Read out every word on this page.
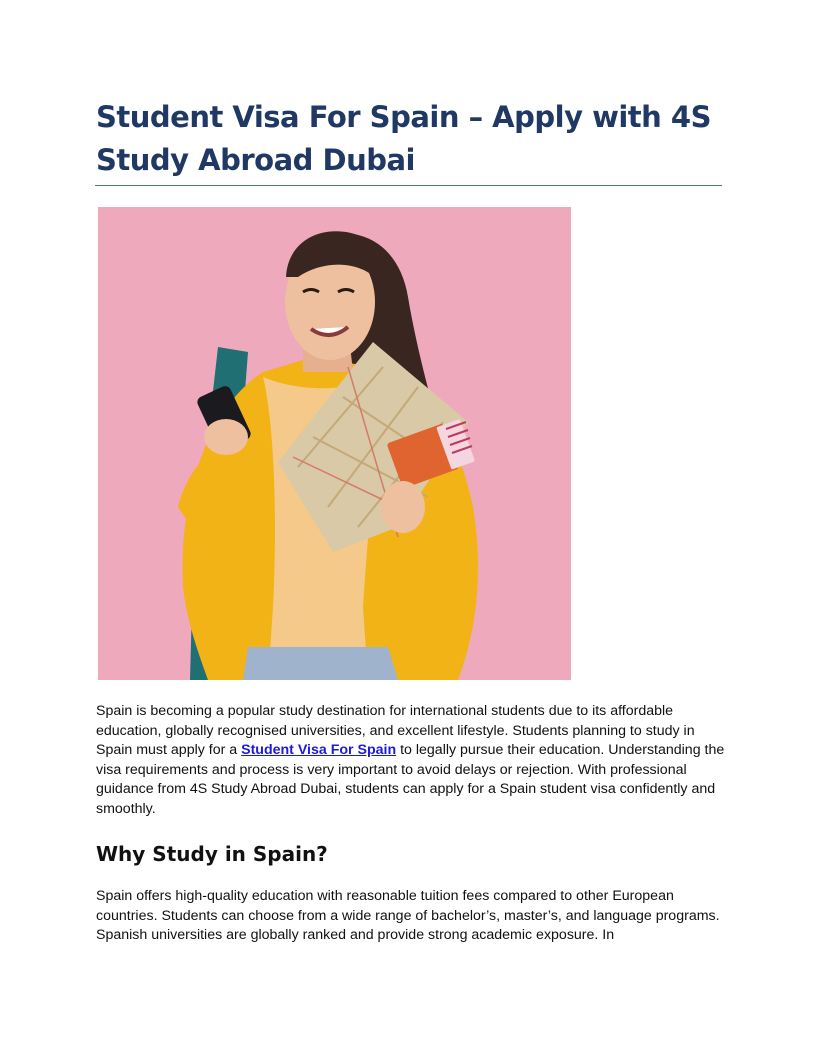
Student Visa For Spain – Apply with 4S Study Abroad Dubai

Spain is becoming a popular study destination for international students due to its affordable education, globally recognised universities, and excellent lifestyle. Students planning to study in Spain must apply for a Student Visa For Spain to legally pursue their education. Understanding the visa requirements and process is very important to avoid delays or rejection. With professional guidance from 4S Study Abroad Dubai, students can apply for a Spain student visa confidently and smoothly.

Why Study in Spain?

Spain offers high-quality education with reasonable tuition fees compared to other European countries. Students can choose from a wide range of bachelor’s, master’s, and language programs. Spanish universities are globally ranked and provide strong academic exposure. In
